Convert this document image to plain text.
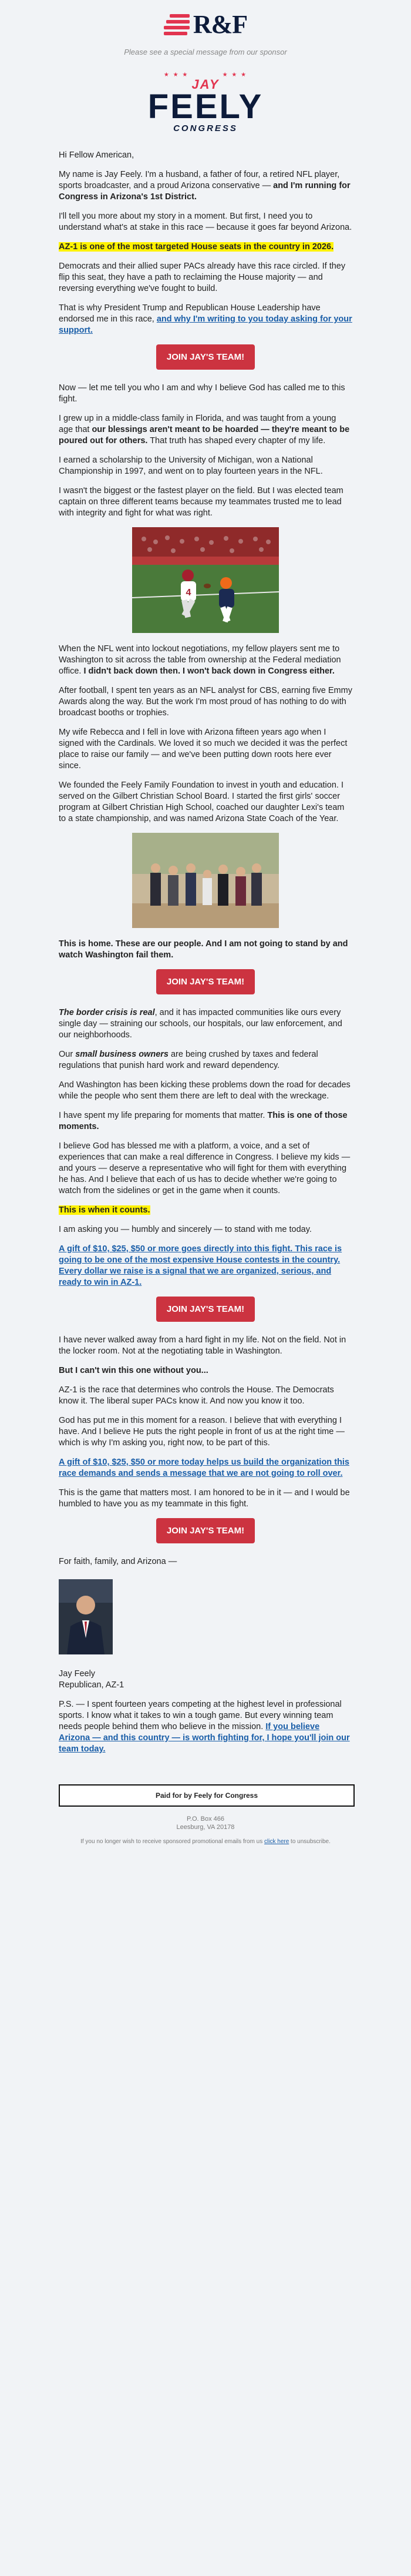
R&F
Please see a special message from our sponsor
★ ★ ★            ★ ★ ★
JAY
FEELY
CONGRESS

Hi Fellow American,

My name is Jay Feely. I'm a husband, a father of four, a retired NFL player, sports broadcaster, and a proud Arizona conservative — and I'm running for Congress in Arizona's 1st District.

I'll tell you more about my story in a moment. But first, I need you to understand what's at stake in this race — because it goes far beyond Arizona.

AZ-1 is one of the most targeted House seats in the country in 2026.

Democrats and their allied super PACs already have this race circled. If they flip this seat, they have a path to reclaiming the House majority — and reversing everything we've fought to build.

That is why President Trump and Republican House Leadership have endorsed me in this race, and why I'm writing to you today asking for your support.

JOIN JAY'S TEAM!

Now — let me tell you who I am and why I believe God has called me to this fight.

I grew up in a middle-class family in Florida, and was taught from a young age that our blessings aren't meant to be hoarded — they're meant to be poured out for others. That truth has shaped every chapter of my life.

I earned a scholarship to the University of Michigan, won a National Championship in 1997, and went on to play fourteen years in the NFL.

I wasn't the biggest or the fastest player on the field. But I was elected team captain on three different teams because my teammates trusted me to lead with integrity and fight for what was right.

4

When the NFL went into lockout negotiations, my fellow players sent me to Washington to sit across the table from ownership at the Federal mediation office. I didn't back down then. I won't back down in Congress either.

After football, I spent ten years as an NFL analyst for CBS, earning five Emmy Awards along the way. But the work I'm most proud of has nothing to do with broadcast booths or trophies.

My wife Rebecca and I fell in love with Arizona fifteen years ago when I signed with the Cardinals. We loved it so much we decided it was the perfect place to raise our family — and we've been putting down roots here ever since.

We founded the Feely Family Foundation to invest in youth and education. I served on the Gilbert Christian School Board. I started the first girls' soccer program at Gilbert Christian High School, coached our daughter Lexi's team to a state championship, and was named Arizona State Coach of the Year.

This is home. These are our people. And I am not going to stand by and watch Washington fail them.

JOIN JAY'S TEAM!

The border crisis is real, and it has impacted communities like ours every single day — straining our schools, our hospitals, our law enforcement, and our neighborhoods.

Our small business owners are being crushed by taxes and federal regulations that punish hard work and reward dependency.

And Washington has been kicking these problems down the road for decades while the people who sent them there are left to deal with the wreckage.

I have spent my life preparing for moments that matter. This is one of those moments.

I believe God has blessed me with a platform, a voice, and a set of experiences that can make a real difference in Congress. I believe my kids — and yours — deserve a representative who will fight for them with everything he has. And I believe that each of us has to decide whether we're going to watch from the sidelines or get in the game when it counts.

This is when it counts.

I am asking you — humbly and sincerely — to stand with me today.

A gift of $10, $25, $50 or more goes directly into this fight. This race is going to be one of the most expensive House contests in the country. Every dollar we raise is a signal that we are organized, serious, and ready to win in AZ-1.

JOIN JAY'S TEAM!

I have never walked away from a hard fight in my life. Not on the field. Not in the locker room. Not at the negotiating table in Washington.

But I can't win this one without you...

AZ-1 is the race that determines who controls the House. The Democrats know it. The liberal super PACs know it. And now you know it too.

God has put me in this moment for a reason. I believe that with everything I have. And I believe He puts the right people in front of us at the right time — which is why I'm asking you, right now, to be part of this.

A gift of $10, $25, $50 or more today helps us build the organization this race demands and sends a message that we are not going to roll over.

This is the game that matters most. I am honored to be in it — and I would be humbled to have you as my teammate in this fight.

JOIN JAY'S TEAM!

For faith, family, and Arizona —

Jay Feely
Republican, AZ-1

P.S. — I spent fourteen years competing at the highest level in professional sports. I know what it takes to win a tough game. But every winning team needs people behind them who believe in the mission. If you believe Arizona — and this country — is worth fighting for, I hope you'll join our team today.

Paid for by Feely for Congress
P.O. Box 466
Leesburg, VA 20178
If you no longer wish to receive sponsored promotional emails from us click here to unsubscribe.
